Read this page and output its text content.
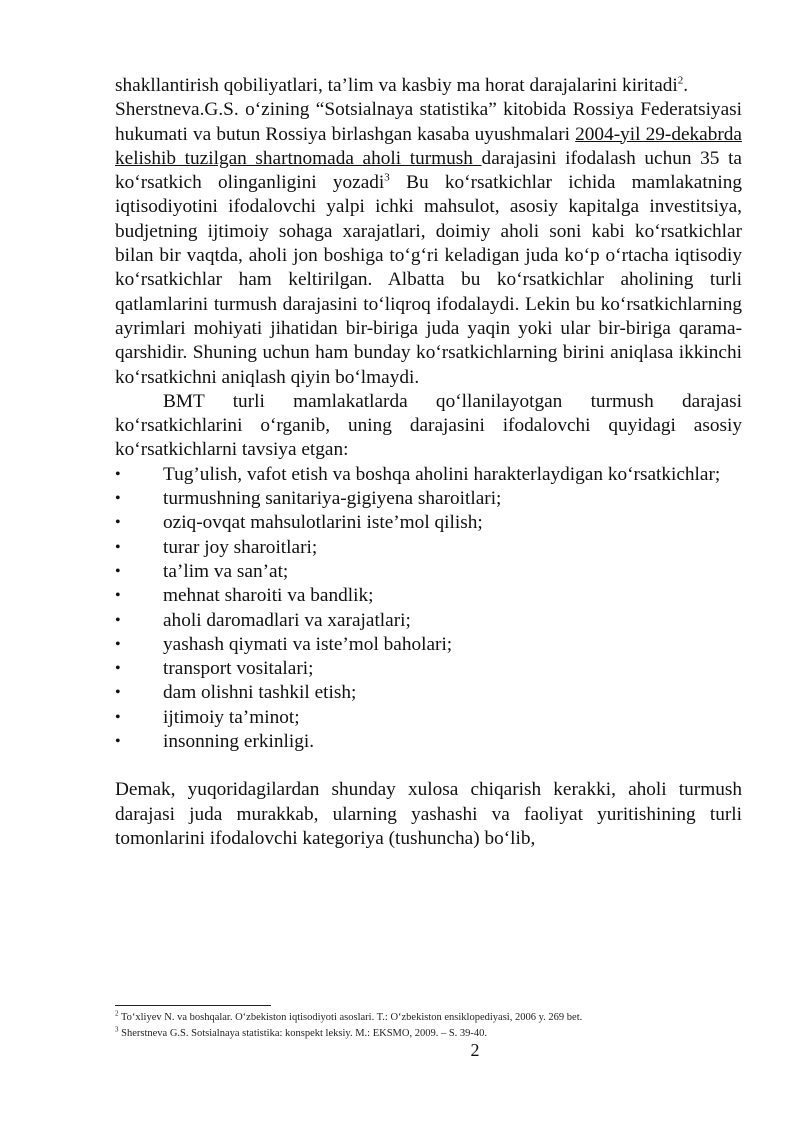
shakllantirish qobiliyatlari, ta’lim va kasbiy ma horat darajalarini kiritadi$^2$.

Sherstneva.G.S. o‘zining “Sotsialnaya statistika” kitobida Rossiya Federatsiyasi hukumati va butun Rossiya birlashgan kasaba uyushmalari 2004-yil 29-dekabrda kelishib tuzilgan shartnomada aholi turmush darajasini ifodalash uchun 35 ta ko‘rsatkich olinganligini yozadi$^3$ Bu ko‘rsatkichlar ichida mamlakatning iqtisodiyotini ifodalovchi yalpi ichki mahsulot, asosiy kapitalga investitsiya, budjetning ijtimoiy sohaga xarajatlari, doimiy aholi soni kabi ko‘rsatkichlar bilan bir vaqtda, aholi jon boshiga to‘g‘ri keladigan juda ko‘p o‘rtacha iqtisodiy ko‘rsatkichlar ham keltirilgan. Albatta bu ko‘rsatkichlar aholining turli qatlamlarini turmush darajasini to‘liqroq ifodalaydi. Lekin bu ko‘rsatkichlarning ayrimlari mohiyati jihatidan bir-biriga juda yaqin yoki ular bir-biriga qarama-qarshidir. Shuning uchun ham bunday ko‘rsatkichlarning birini aniqlasa ikkinchi ko‘rsatkichni aniqlash qiyin bo‘lmaydi.

BMT turli mamlakatlarda qo‘llanilayotgan turmush darajasi ko‘rsatkichlarini o‘rganib, uning darajasini ifodalovchi quyidagi asosiy ko‘rsatkichlarni tavsiya etgan:

•	Tug’ulish, vafot etish va boshqa aholini harakterlaydigan ko‘rsatkichlar;
•	turmushning sanitariya-gigiyena sharoitlari;
•	oziq-ovqat mahsulotlarini iste’mol qilish;
•	turar joy sharoitlari;
•	ta’lim va san’at;
•	mehnat sharoiti va bandlik;
•	aholi daromadlari va xarajatlari;
•	yashash qiymati va iste’mol baholari;
•	transport vositalari;
•	dam olishni tashkil etish;
•	ijtimoiy ta’minot;
•	insonning erkinligi.

Demak, yuqoridagilardan shunday xulosa chiqarish kerakki, aholi turmush darajasi juda murakkab, ularning yashashi va faoliyat yuritishining turli tomonlarini ifodalovchi kategoriya (tushuncha) bo‘lib,

$^2$ To‘xliyev N. va boshqalar. O‘zbekiston iqtisodiyoti asoslari. T.: O‘zbekiston ensiklopediyasi, 2006 y. 269 bet.
$^3$ Sherstneva G.S. Sotsialnaya statistika: konspekt leksiy. M.: EKSMO, 2009. – S. 39-40.
2
